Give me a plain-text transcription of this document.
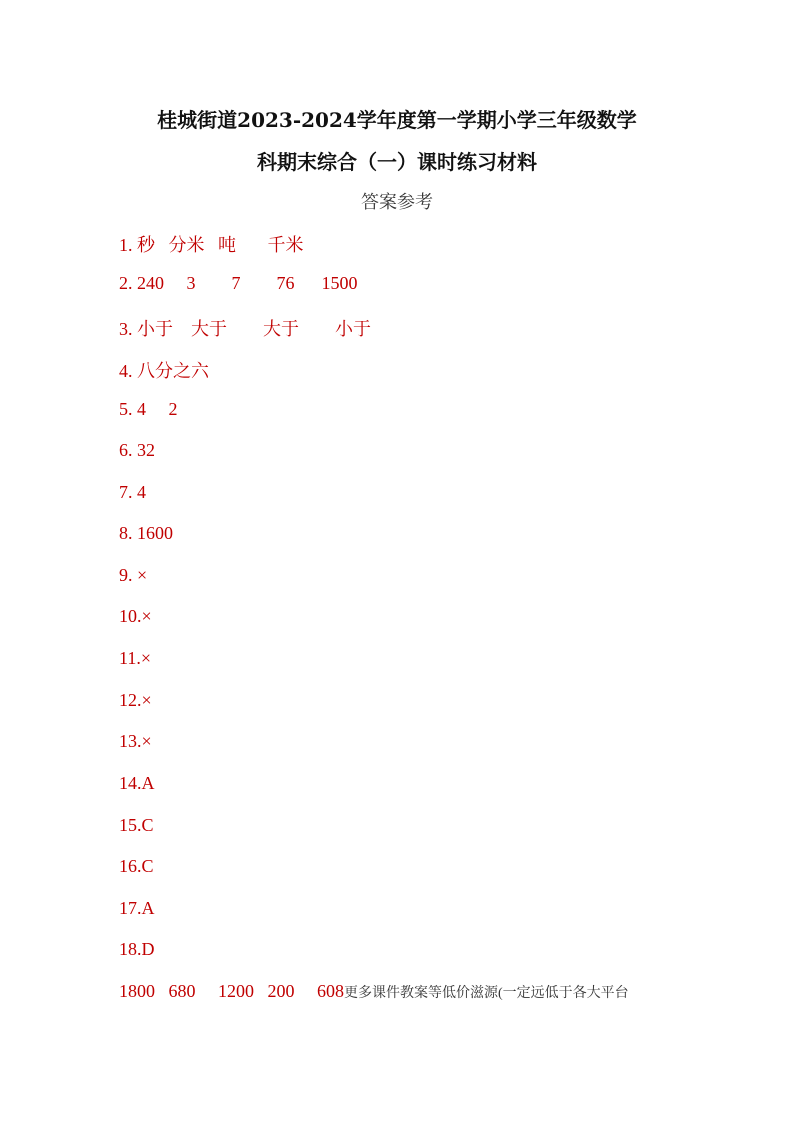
桂城街道2023-2024学年度第一学期小学三年级数学
科期末综合（一）课时练习材料
答案参考
1. 秒   分米   吨       千米
2. 240     3        7        76      1500
3. 小于    大于        大于        小于
4. 八分之六
5. 4     2
6. 32
7. 4
8. 1600
9. ×
10.×
11.×
12.×
13.×
14.A
15.C
16.C
17.A
18.D
1800   680     1200   200     608更多课件教案等低价滋源(一定远低于各大平台
